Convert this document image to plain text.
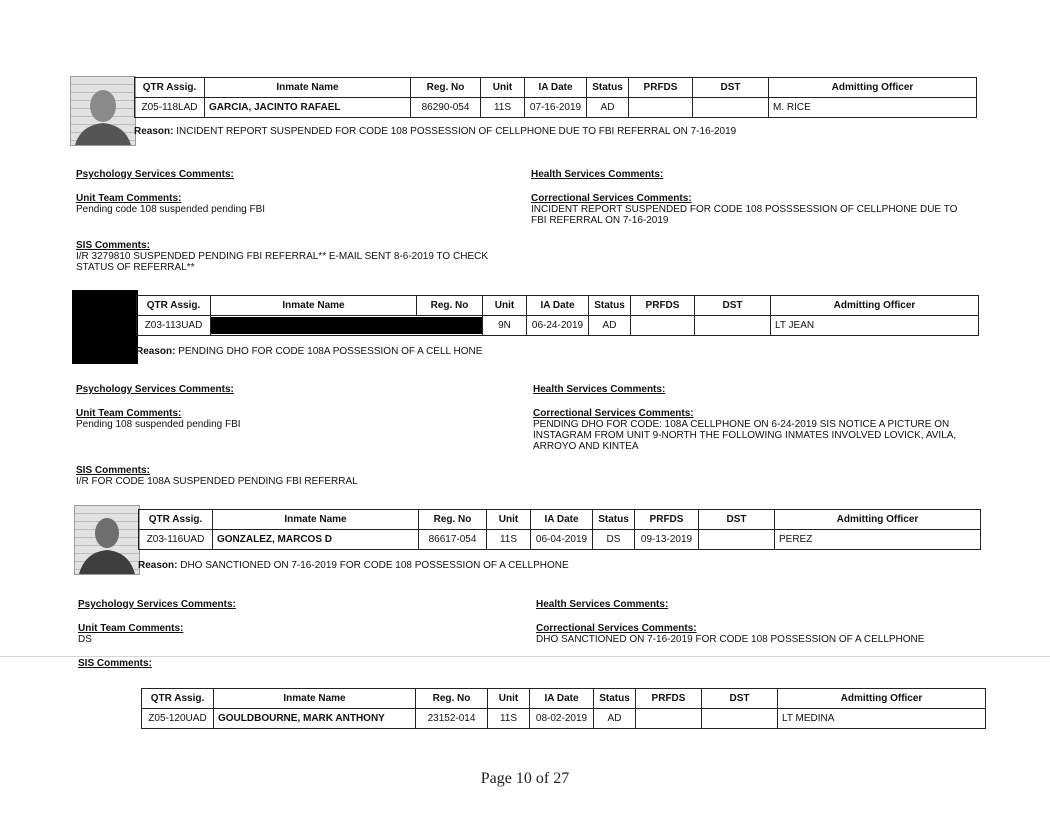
QTR Assig.	Inmate Name	Reg. No	Unit	IA Date	Status	PRFDS	DST	Admitting Officer
Z05-118LAD	GARCIA, JACINTO RAFAEL	86290-054	11S	07-16-2019	AD			M. RICE
Reason: INCIDENT REPORT SUSPENDED FOR CODE 108 POSSESSION OF CELLPHONE DUE TO FBI REFERRAL ON 7-16-2019
Psychology Services Comments:	Health Services Comments:
Unit Team Comments:
Pending code 108 suspended pending FBI
Correctional Services Comments:
INCIDENT REPORT SUSPENDED FOR CODE 108 POSSSESSION OF CELLPHONE DUE TO
FBI REFERRAL ON 7-16-2019
SIS Comments:
I/R 3279810 SUSPENDED PENDING FBI REFERRAL** E-MAIL SENT 8-6-2019 TO CHECK
STATUS OF REFERRAL**
QTR Assig.	Inmate Name	Reg. No	Unit	IA Date	Status	PRFDS	DST	Admitting Officer
Z03-113UAD			9N	06-24-2019	AD			LT JEAN
Reason: PENDING DHO FOR CODE 108A POSSESSION OF A CELL HONE
Psychology Services Comments:	Health Services Comments:
Unit Team Comments:
Pending 108 suspended pending FBI
Correctional Services Comments:
PENDING DHO FOR CODE: 108A CELLPHONE ON 6-24-2019 SIS NOTICE A PICTURE ON
INSTAGRAM FROM UNIT 9-NORTH THE FOLLOWING INMATES INVOLVED LOVICK, AVILA,
ARROYO AND KINTEA
SIS Comments:
I/R FOR CODE 108A SUSPENDED PENDING FBI REFERRAL
QTR Assig.	Inmate Name	Reg. No	Unit	IA Date	Status	PRFDS	DST	Admitting Officer
Z03-116UAD	GONZALEZ, MARCOS D	86617-054	11S	06-04-2019	DS	09-13-2019		PEREZ
Reason: DHO SANCTIONED ON 7-16-2019 FOR CODE 108 POSSESSION OF A CELLPHONE
Psychology Services Comments:	Health Services Comments:
Unit Team Comments:
DS
Correctional Services Comments:
DHO SANCTIONED ON 7-16-2019 FOR CODE 108 POSSESSION OF A CELLPHONE
SIS Comments:
QTR Assig.	Inmate Name	Reg. No	Unit	IA Date	Status	PRFDS	DST	Admitting Officer
Z05-120UAD	GOULDBOURNE, MARK ANTHONY	23152-014	11S	08-02-2019	AD			LT MEDINA
Page 10 of 27
